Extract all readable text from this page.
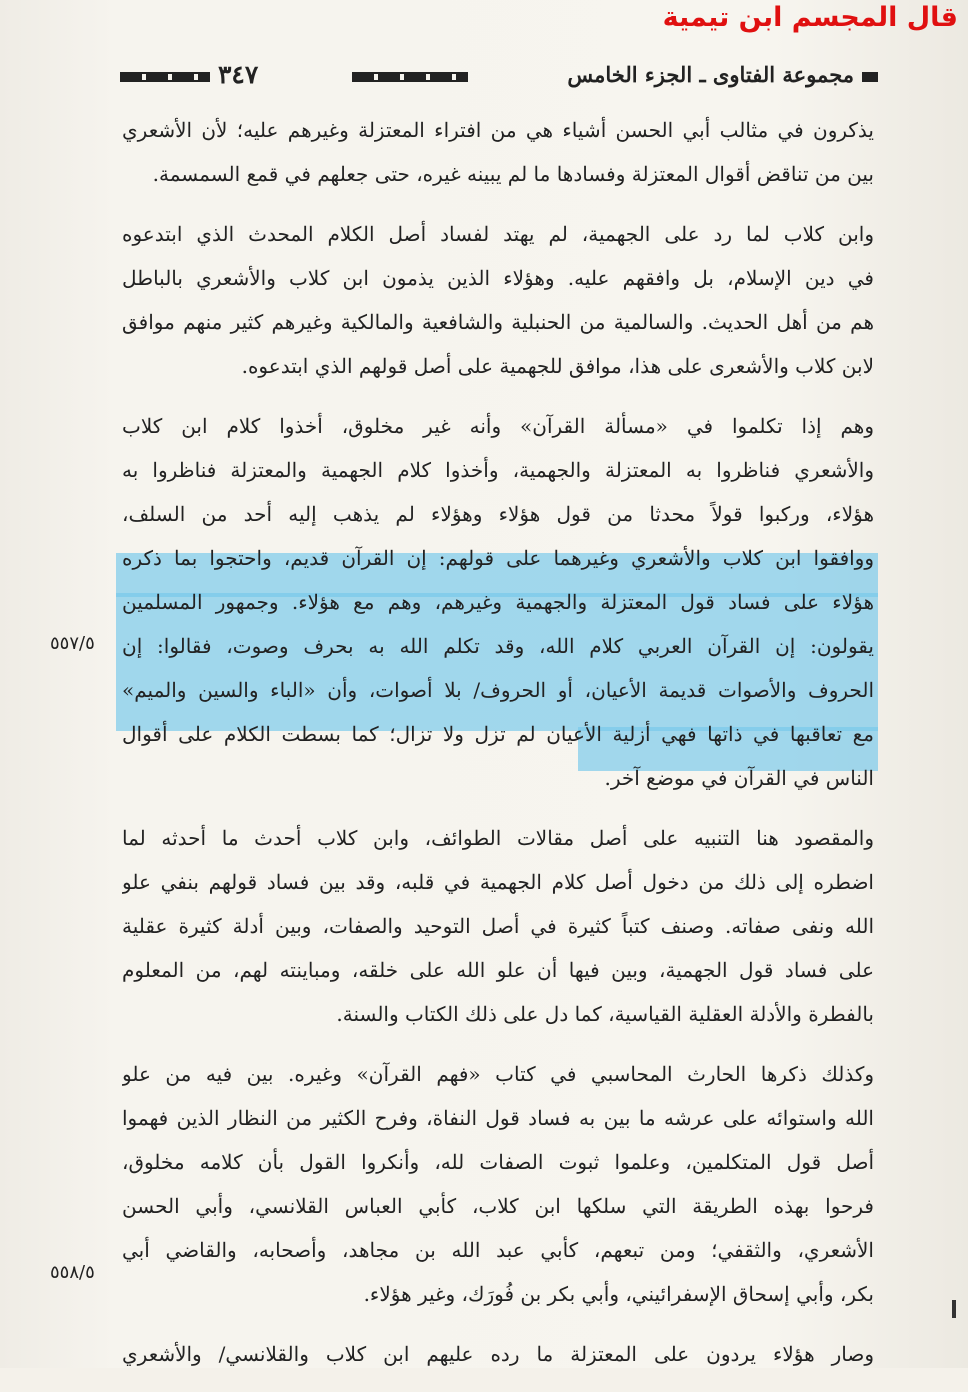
قال المجسم ابن تيمية
٣٤٧	مجموعة الفتاوى ـ الجزء الخامس
يذكرون في مثالب أبي الحسن أشياء هي من افتراء المعتزلة وغيرهم عليه؛ لأن الأشعري
بين من تناقض أقوال المعتزلة وفسادها ما لم يبينه غيره، حتى جعلهم في قمع السمسمة.
وابن كلاب لما رد على الجهمية، لم يهتد لفساد أصل الكلام المحدث الذي ابتدعوه
في دين الإسلام، بل وافقهم عليه. وهؤلاء الذين يذمون ابن كلاب والأشعري بالباطل
هم من أهل الحديث. والسالمية من الحنبلية والشافعية والمالكية وغيرهم كثير منهم موافق
لابن كلاب والأشعرى على هذا، موافق للجهمية على أصل قولهم الذي ابتدعوه.
وهم إذا تكلموا في «مسألة القرآن» وأنه غير مخلوق، أخذوا كلام ابن كلاب
والأشعري فناظروا به المعتزلة والجهمية، وأخذوا كلام الجهمية والمعتزلة فناظروا به
هؤلاء، وركبوا قولاً محدثا من قول هؤلاء وهؤلاء لم يذهب إليه أحد من السلف،
ووافقوا ابن كلاب والأشعري وغيرهما على قولهم: إن القرآن قديم، واحتجوا بما ذكره
هؤلاء على فساد قول المعتزلة والجهمية وغيرهم، وهم مع هؤلاء. وجمهور المسلمين
يقولون: إن القرآن العربي كلام الله، وقد تكلم الله به بحرف وصوت، فقالوا: إن
الحروف والأصوات قديمة الأعيان، أو الحروف/ بلا أصوات، وأن «الباء والسين والميم»
مع تعاقبها في ذاتها فهي أزلية الأعيان لم تزل ولا تزال؛ كما بسطت الكلام على أقوال
الناس في القرآن في موضع آخر.
والمقصود هنا التنبيه على أصل مقالات الطوائف، وابن كلاب أحدث ما أحدثه لما
اضطره إلى ذلك من دخول أصل كلام الجهمية في قلبه، وقد بين فساد قولهم بنفي علو
الله ونفى صفاته. وصنف كتباً كثيرة في أصل التوحيد والصفات، وبين أدلة كثيرة عقلية
على فساد قول الجهمية، وبين فيها أن علو الله على خلقه، ومباينته لهم، من المعلوم
بالفطرة والأدلة العقلية القياسية، كما دل على ذلك الكتاب والسنة.
وكذلك ذكرها الحارث المحاسبي في كتاب «فهم القرآن» وغيره. بين فيه من علو
الله واستوائه على عرشه ما بين به فساد قول النفاة، وفرح الكثير من النظار الذين فهموا
أصل قول المتكلمين، وعلموا ثبوت الصفات لله، وأنكروا القول بأن كلامه مخلوق،
فرحوا بهذه الطريقة التي سلكها ابن كلاب، كأبي العباس القلانسي، وأبي الحسن
الأشعري، والثقفي؛ ومن تبعهم، كأبي عبد الله بن مجاهد، وأصحابه، والقاضي أبي
بكر، وأبي إسحاق الإسفرائيني، وأبي بكر بن فُورَك، وغير هؤلاء.
وصار هؤلاء يردون على المعتزلة ما رده عليهم ابن كلاب والقلانسي/ والأشعري
٥٥٧/٥
٥٥٨/٥
